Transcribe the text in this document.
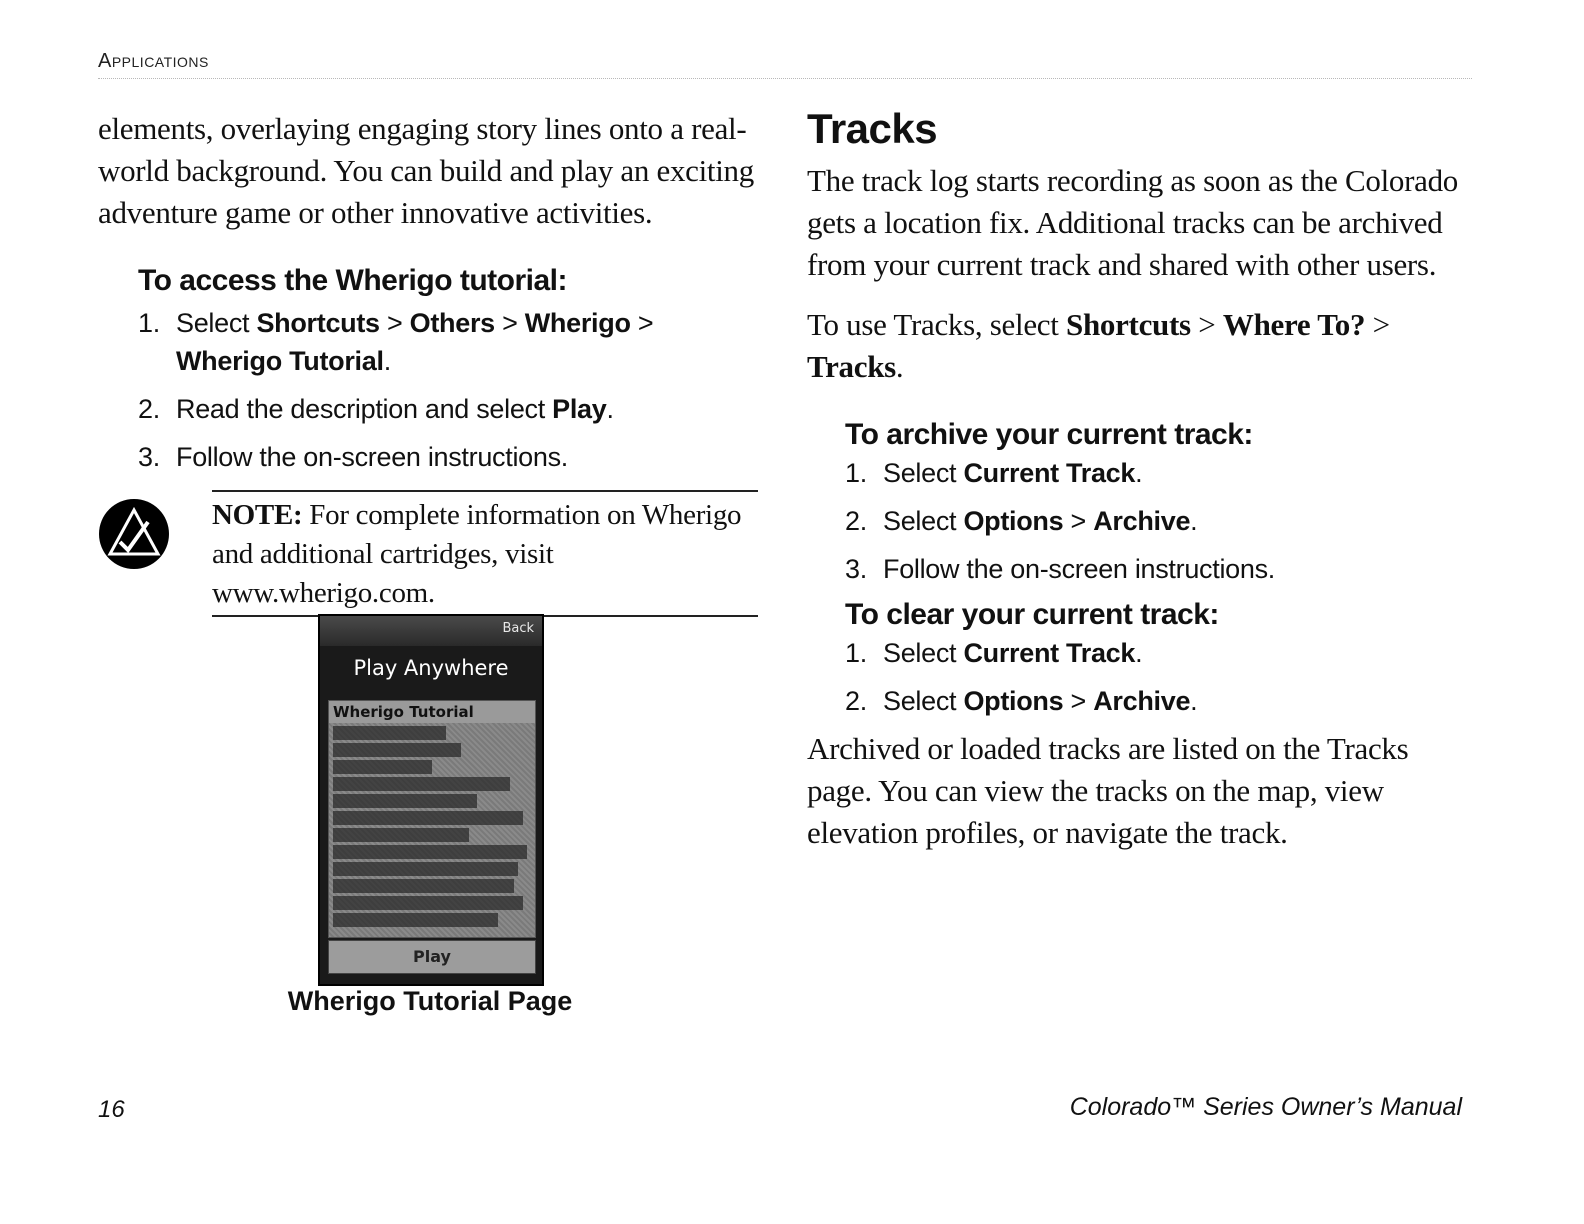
Applications

elements, overlaying engaging story lines onto a real-world background. You can build and play an exciting adventure game or other innovative activities.

To access the Wherigo tutorial:

1. Select Shortcuts > Others > Wherigo > Wherigo Tutorial.
2. Read the description and select Play.
3. Follow the on-screen instructions.
NOTE: For complete information on Wherigo and additional cartridges, visit www.wherigo.com.
Back
Play Anywhere
Wherigo Tutorial
Play
Wherigo Tutorial Page
Tracks

The track log starts recording as soon as the Colorado gets a location fix. Additional tracks can be archived from your current track and shared with other users.

To use Tracks, select Shortcuts > Where To? > Tracks.

To archive your current track:

1. Select Current Track.
2. Select Options > Archive.
3. Follow the on-screen instructions.

To clear your current track:

1. Select Current Track.
2. Select Options > Archive.

Archived or loaded tracks are listed on the Tracks page. You can view the tracks on the map, view elevation profiles, or navigate the track.

16	Colorado™ Series Owner’s Manual
